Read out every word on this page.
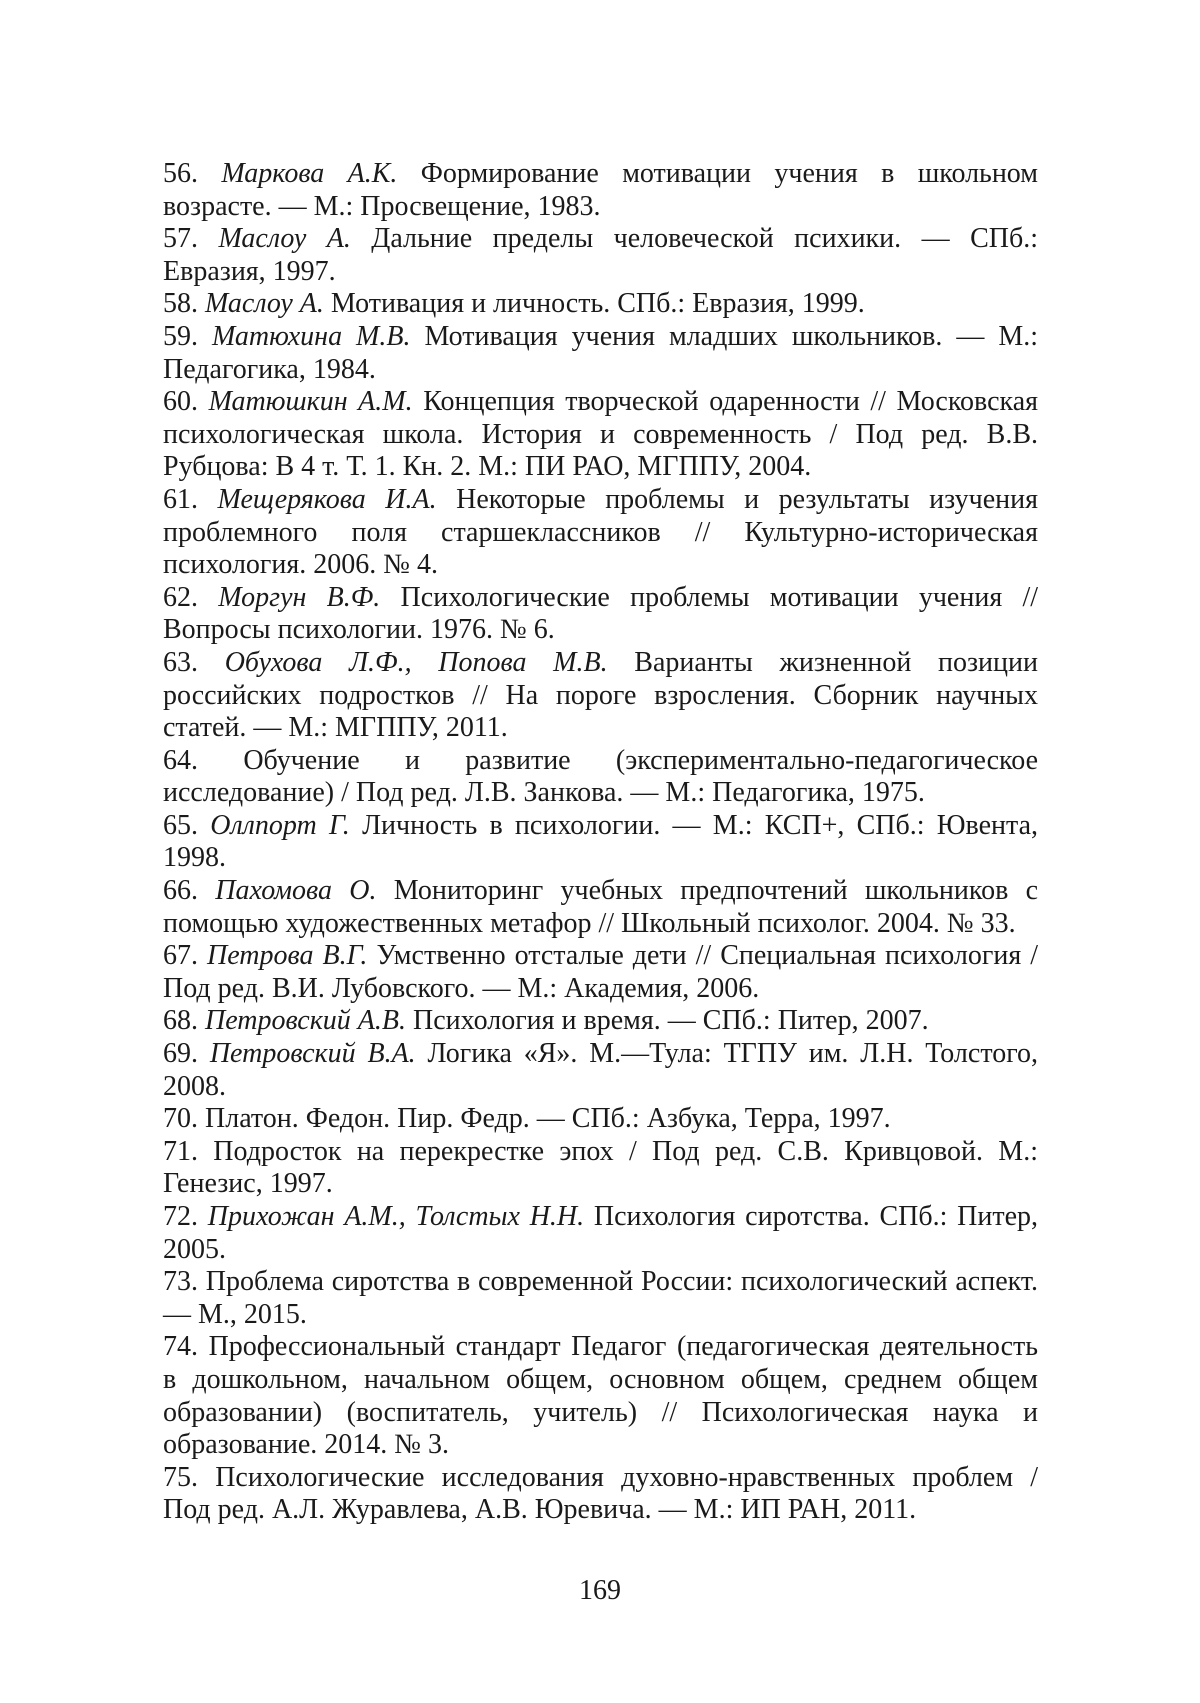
56. Маркова А.К. Формирование мотивации учения в школьном возрасте. — М.: Просвещение, 1983.

57. Маслоу А. Дальние пределы человеческой психики. — СПб.: Евразия, 1997.

58. Маслоу А. Мотивация и личность. СПб.: Евразия, 1999.

59. Матюхина М.В. Мотивация учения младших школьников. — М.: Педагогика, 1984.

60. Матюшкин А.М. Концепция творческой одаренности // Московская психологическая школа. История и современность / Под ред. В.В. Рубцова: В 4 т. Т. 1. Кн. 2. М.: ПИ РАО, МГППУ, 2004.

61. Мещерякова И.А. Некоторые проблемы и результаты изучения проблемного поля старшеклассников // Культурно-историческая психология. 2006. № 4.

62. Моргун В.Ф. Психологические проблемы мотивации учения // Вопросы психологии. 1976. № 6.

63. Обухова Л.Ф., Попова М.В. Варианты жизненной позиции российских подростков // На пороге взросления. Сборник научных статей. — М.: МГППУ, 2011.

64. Обучение и развитие (экспериментально-педагогическое исследование) / Под ред. Л.В. Занкова. — М.: Педагогика, 1975.

65. Оллпорт Г. Личность в психологии. — М.: КСП+, СПб.: Ювента, 1998.

66. Пахомова О. Мониторинг учебных предпочтений школьников с помощью художественных метафор // Школьный психолог. 2004. № 33.

67. Петрова В.Г. Умственно отсталые дети // Специальная психология / Под ред. В.И. Лубовского. — М.: Академия, 2006.

68. Петровский А.В. Психология и время. — СПб.: Питер, 2007.

69. Петровский В.А. Логика «Я». М.—Тула: ТГПУ им. Л.Н. Толстого, 2008.

70. Платон. Федон. Пир. Федр. — СПб.: Азбука, Терра, 1997.

71. Подросток на перекрестке эпох / Под ред. С.В. Кривцовой. М.: Генезис, 1997.

72. Прихожан А.М., Толстых Н.Н. Психология сиротства. СПб.: Питер, 2005.

73. Проблема сиротства в современной России: психологический аспект. — М., 2015.

74. Профессиональный стандарт Педагог (педагогическая деятельность в дошкольном, начальном общем, основном общем, среднем общем образовании) (воспитатель, учитель) // Психологическая наука и образование. 2014. № 3.

75. Психологические исследования духовно-нравственных проблем / Под ред. А.Л. Журавлева, А.В. Юревича. — М.: ИП РАН, 2011.

169
